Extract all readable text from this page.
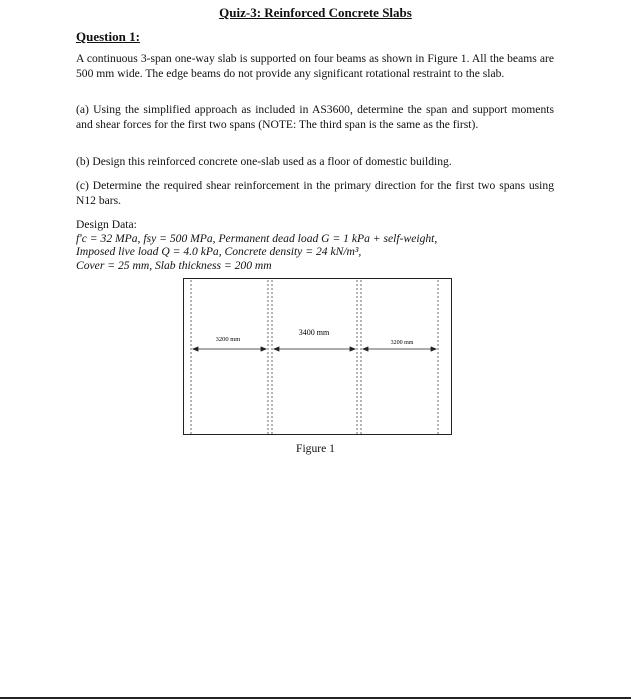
Quiz-3: Reinforced Concrete Slabs
Question 1:
A continuous 3-span one-way slab is supported on four beams as shown in Figure 1. All the beams are 500 mm wide. The edge beams do not provide any significant rotational restraint to the slab.
(a) Using the simplified approach as included in AS3600, determine the span and support moments and shear forces for the first two spans (NOTE: The third span is the same as the first).
(b) Design this reinforced concrete one-slab used as a floor of domestic building.
(c) Determine the required shear reinforcement in the primary direction for the first two spans using N12 bars.
Design Data:
f′c = 32 MPa, fsy = 500 MPa, Permanent dead load G = 1 kPa + self-weight,
Imposed live load Q = 4.0 kPa, Concrete density = 24 kN/m³,
Cover = 25 mm, Slab thickness = 200 mm
3200 mm
3400 mm
3200 mm
Figure 1
